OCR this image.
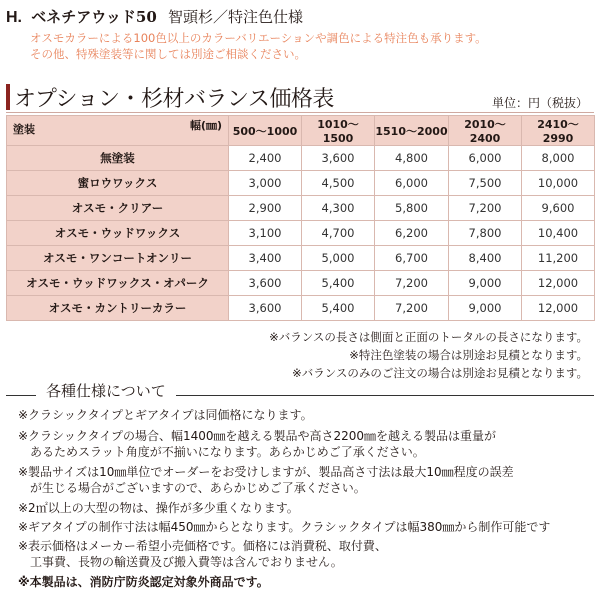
H. ベネチアウッド50 智頭杉／特注色仕様
オスモカラーによる100色以上のカラーバリエーションや調色による特注色も承ります。
その他、特殊塗装等に関しては別途ご相談ください。
オプション・杉材バランス価格表	単位：円（税抜）
塗装 幅(㎜)	500〜1000	1010〜1500	1510〜2000	2010〜2400	2410〜2990
無塗装	2,400	3,600	4,800	6,000	8,000
蜜ロウワックス	3,000	4,500	6,000	7,500	10,000
オスモ・クリアー	2,900	4,300	5,800	7,200	9,600
オスモ・ウッドワックス	3,100	4,700	6,200	7,800	10,400
オスモ・ワンコートオンリー	3,400	5,000	6,700	8,400	11,200
オスモ・ウッドワックス・オパーク	3,600	5,400	7,200	9,000	12,000
オスモ・カントリーカラー	3,600	5,400	7,200	9,000	12,000
※バランスの長さは側面と正面のトータルの長さになります。
※特注色塗装の場合は別途お見積となります。
※バランスのみのご注文の場合は別途お見積となります。
各種仕様について
※クラシックタイプとギアタイプは同価格になります。
※クラシックタイプの場合、幅1400㎜を越える製品や高さ2200㎜を越える製品は重量が
あるためスラット角度が不揃いになります。あらかじめご了承ください。
※製品サイズは10㎜単位でオーダーをお受けしますが、製品高さ寸法は最大10㎜程度の誤差
が生じる場合がございますので、あらかじめご了承ください。
※2㎡以上の大型の物は、操作が多少重くなります。
※ギアタイプの制作寸法は幅450㎜からとなります。クラシックタイプは幅380㎜から制作可能です
※表示価格はメーカー希望小売価格です。価格には消費税、取付費、
工事費、長物の輸送費及び搬入費等は含んでおりません。
※本製品は、消防庁防炎認定対象外商品です。
